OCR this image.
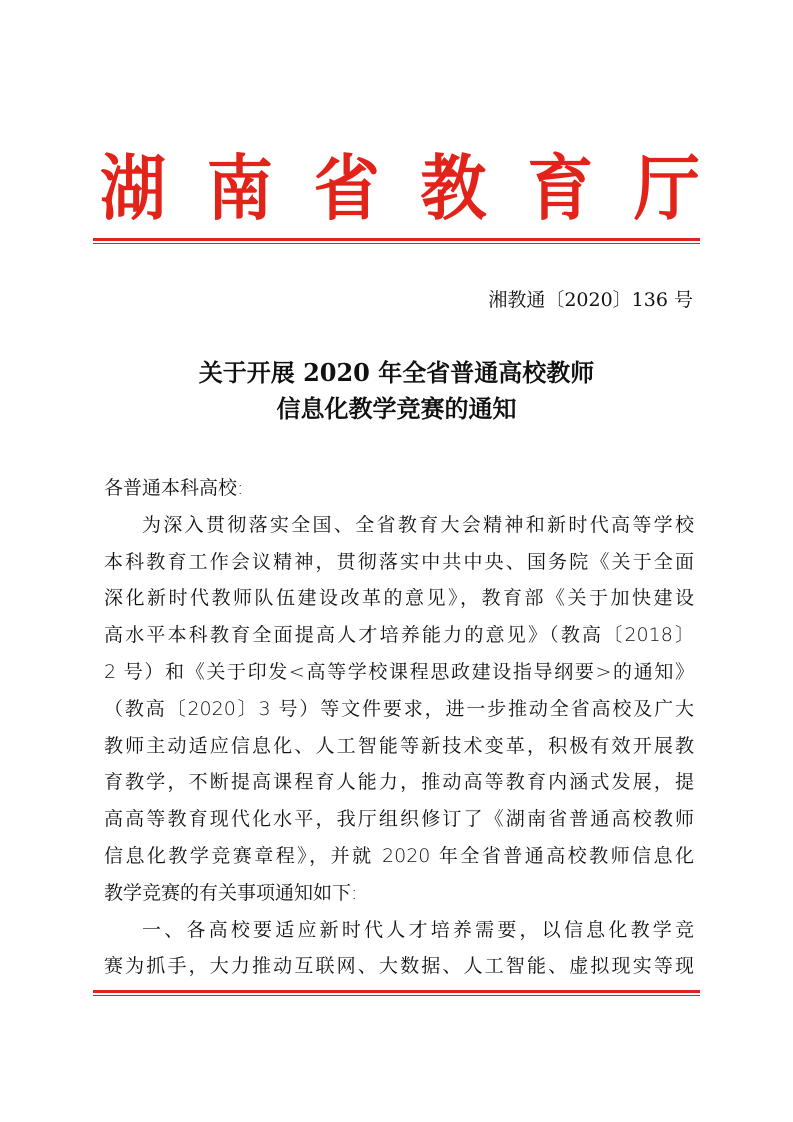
湖 南 省 教 育 厅
湘教通〔2020〕136 号
关于开展 2020 年全省普通高校教师
信息化教学竞赛的通知

各普通本科高校:

为深入贯彻落实全国、全省教育大会精神和新时代高等学校
本科教育工作会议精神，贯彻落实中共中央、国务院《关于全面
深化新时代教师队伍建设改革的意见》，教育部《关于加快建设
高水平本科教育全面提高人才培养能力的意见》（教高〔2018〕
2 号）和《关于印发<高等学校课程思政建设指导纲要>的通知》
（教高〔2020〕3 号）等文件要求，进一步推动全省高校及广大
教师主动适应信息化、人工智能等新技术变革，积极有效开展教
育教学，不断提高课程育人能力，推动高等教育内涵式发展，提
高高等教育现代化水平，我厅组织修订了《湖南省普通高校教师
信息化教学竞赛章程》，并就 2020 年全省普通高校教师信息化
教学竞赛的有关事项通知如下:

一、各高校要适应新时代人才培养需要，以信息化教学竞
赛为抓手，大力推动互联网、大数据、人工智能、虚拟现实等现
